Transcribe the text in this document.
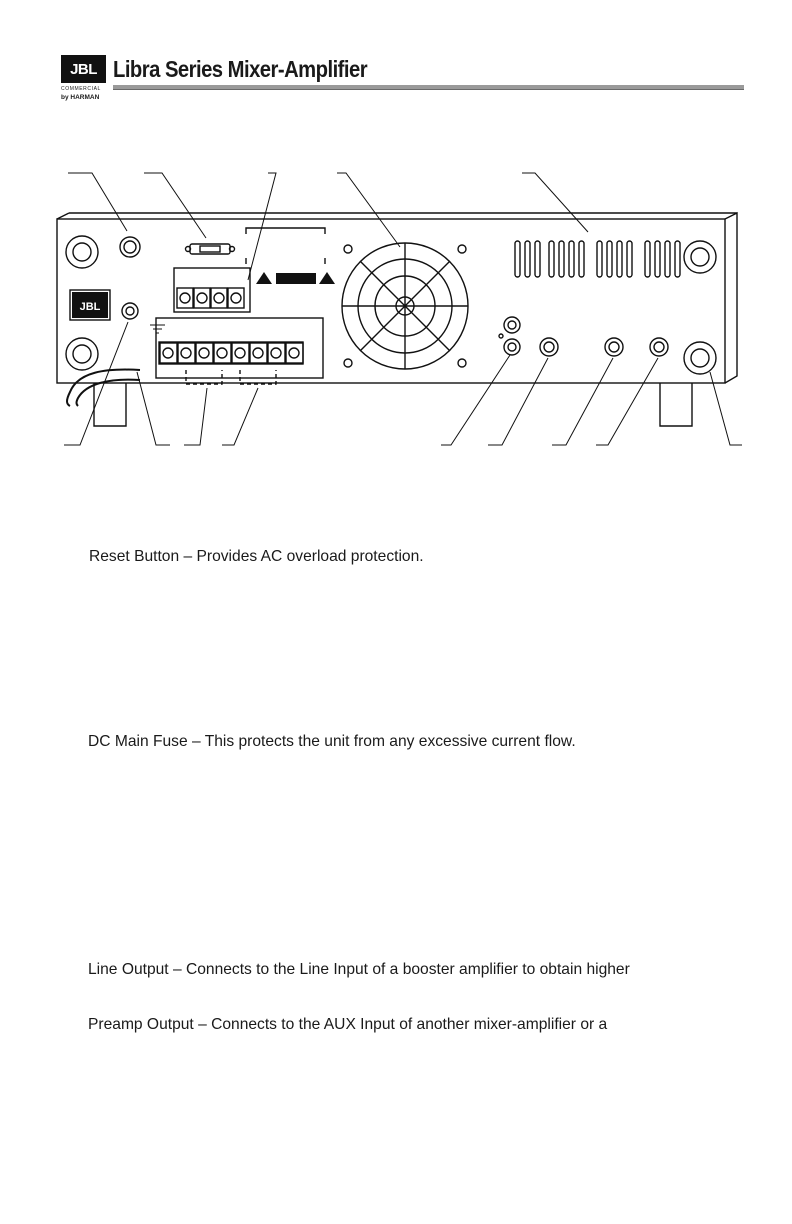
JBL
COMMERCIAL
by HARMAN
Libra Series Mixer-Amplifier
JBL
Reset Button – Provides AC overload protection.
DC Main Fuse – This protects the unit from any excessive current flow.
Line Output – Connects to the Line Input of a booster amplifier to obtain higher
Preamp Output – Connects to the AUX Input of another mixer-amplifier or a
